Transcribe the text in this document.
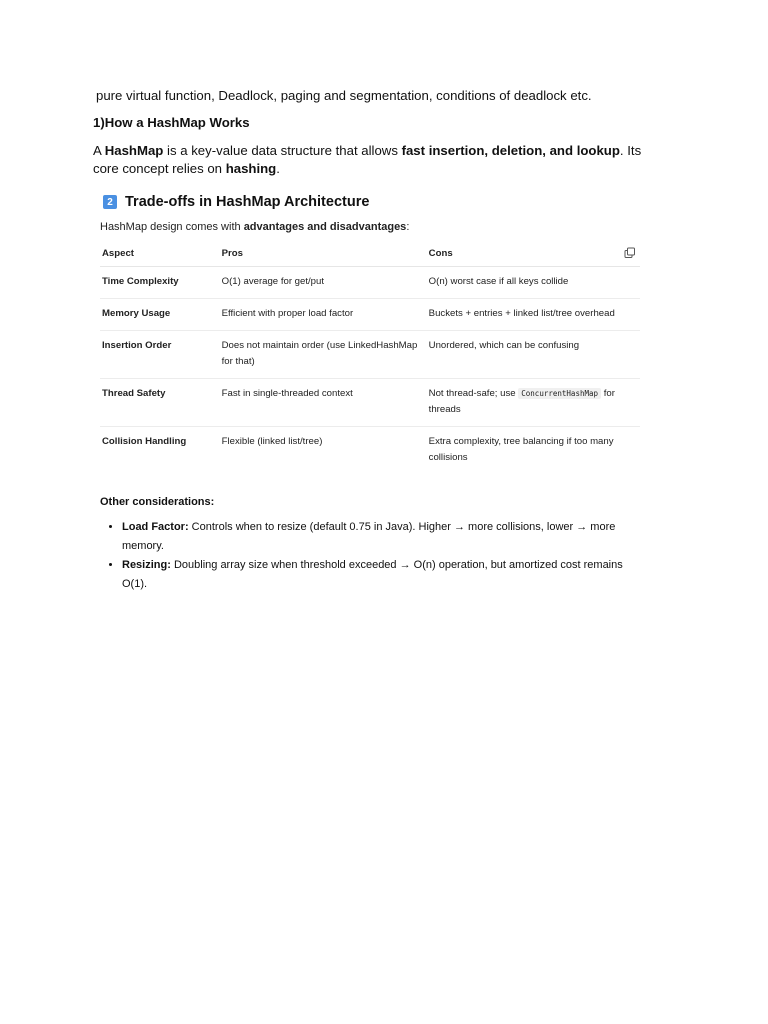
pure virtual function, Deadlock, paging and segmentation, conditions of deadlock etc.
1)How a HashMap Works
A HashMap is a key-value data structure that allows fast insertion, deletion, and lookup. Its core concept relies on hashing.
2 Trade-offs in HashMap Architecture
HashMap design comes with advantages and disadvantages:
Aspect	Pros	Cons

Time Complexity	O(1) average for get/put	O(n) worst case if all keys collide
Memory Usage	Efficient with proper load factor	Buckets + entries + linked list/tree overhead
Insertion Order	Does not maintain order (use LinkedHashMap for that)	Unordered, which can be confusing
Thread Safety	Fast in single-threaded context	Not thread-safe; use ConcurrentHashMap for threads
Collision Handling	Flexible (linked list/tree)	Extra complexity, tree balancing if too many collisions
Other considerations:
• Load Factor: Controls when to resize (default 0.75 in Java). Higher → more collisions, lower → more memory.
• Resizing: Doubling array size when threshold exceeded → O(n) operation, but amortized cost remains O(1).
